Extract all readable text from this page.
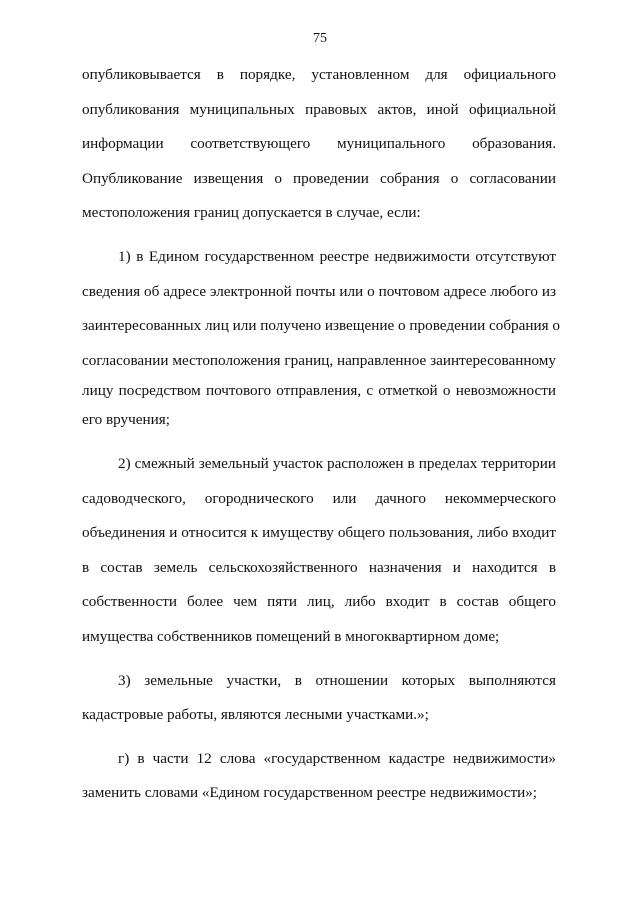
75
опубликовывается в порядке, установленном для официального
опубликования муниципальных правовых актов, иной официальной
информации соответствующего муниципального образования.
Опубликование извещения о проведении собрания о согласовании
местоположения границ допускается в случае, если:
1) в Едином государственном реестре недвижимости отсутствуют
сведения об адресе электронной почты или о почтовом адресе любого из
заинтересованных лиц или получено извещение о проведении собрания о
согласовании местоположения границ, направленное заинтересованному
лицу посредством почтового отправления, с отметкой о невозможности
его вручения;
2) смежный земельный участок расположен в пределах территории
садоводческого, огороднического или дачного некоммерческого
объединения и относится к имуществу общего пользования, либо входит
в состав земель сельскохозяйственного назначения и находится в
собственности более чем пяти лиц, либо входит в состав общего
имущества собственников помещений в многоквартирном доме;
3) земельные участки, в отношении которых выполняются
кадастровые работы, являются лесными участками.»;
г) в части 12 слова «государственном кадастре недвижимости»
заменить словами «Едином государственном реестре недвижимости»;
